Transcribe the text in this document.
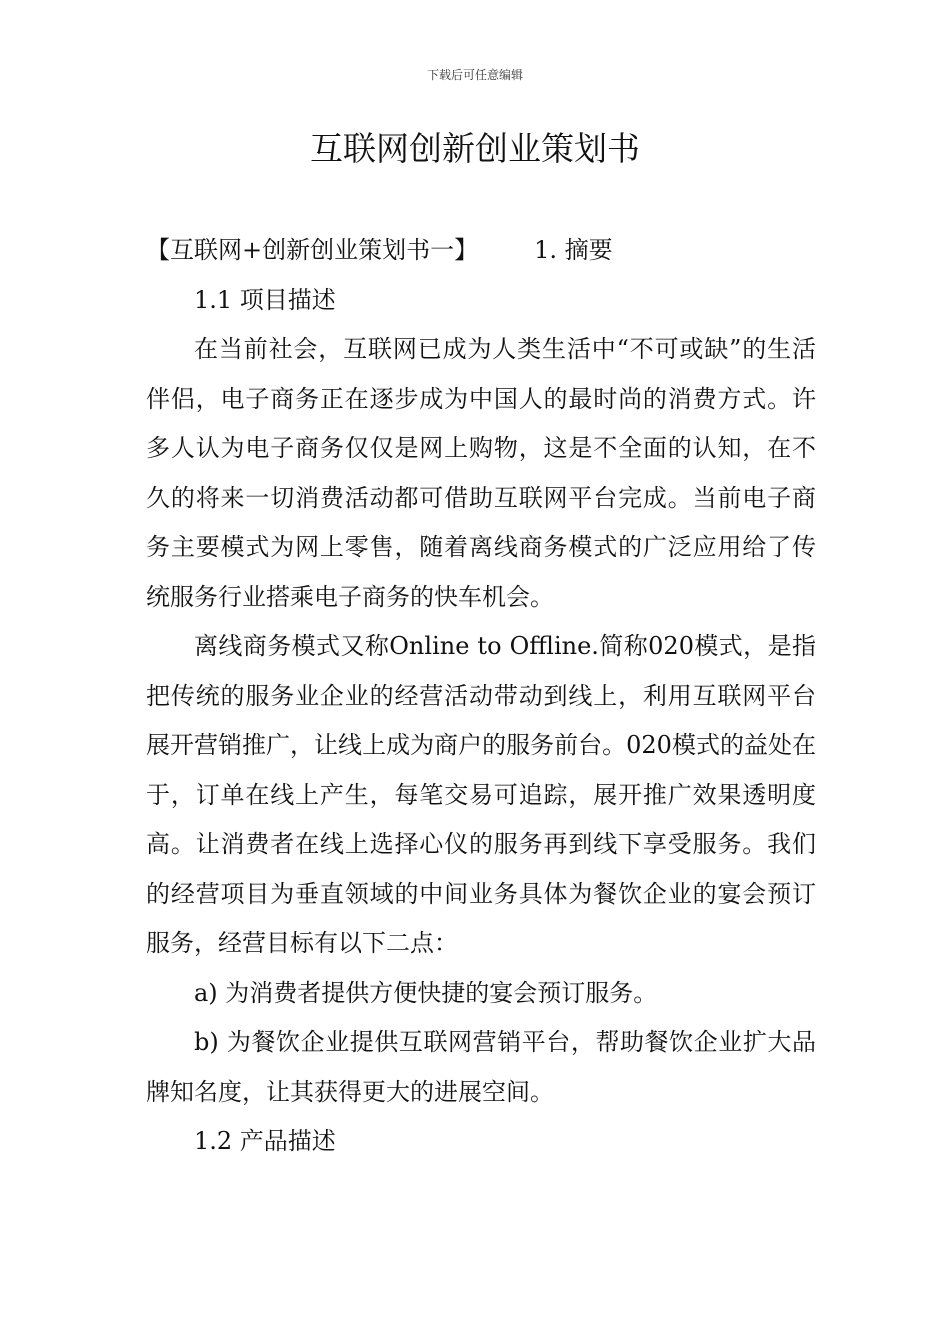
下载后可任意编辑
互联网创新创业策划书

【互联网+创新创业策划书一】 1. 摘要

1.1 项目描述

在当前社会，互联网已成为人类生活中“不可或缺”的生活伴侣，电子商务正在逐步成为中国人的最时尚的消费方式。许多人认为电子商务仅仅是网上购物，这是不全面的认知，在不久的将来一切消费活动都可借助互联网平台完成。当前电子商务主要模式为网上零售，随着离线商务模式的广泛应用给了传统服务行业搭乘电子商务的快车机会。

离线商务模式又称Online to Offline.简称020模式，是指把传统的服务业企业的经营活动带动到线上，利用互联网平台展开营销推广，让线上成为商户的服务前台。020模式的益处在于，订单在线上产生，每笔交易可追踪，展开推广效果透明度高。让消费者在线上选择心仪的服务再到线下享受服务。我们的经营项目为垂直领域的中间业务具体为餐饮企业的宴会预订服务，经营目标有以下二点：

a) 为消费者提供方便快捷的宴会预订服务。

b) 为餐饮企业提供互联网营销平台，帮助餐饮企业扩大品牌知名度，让其获得更大的进展空间。

1.2 产品描述
